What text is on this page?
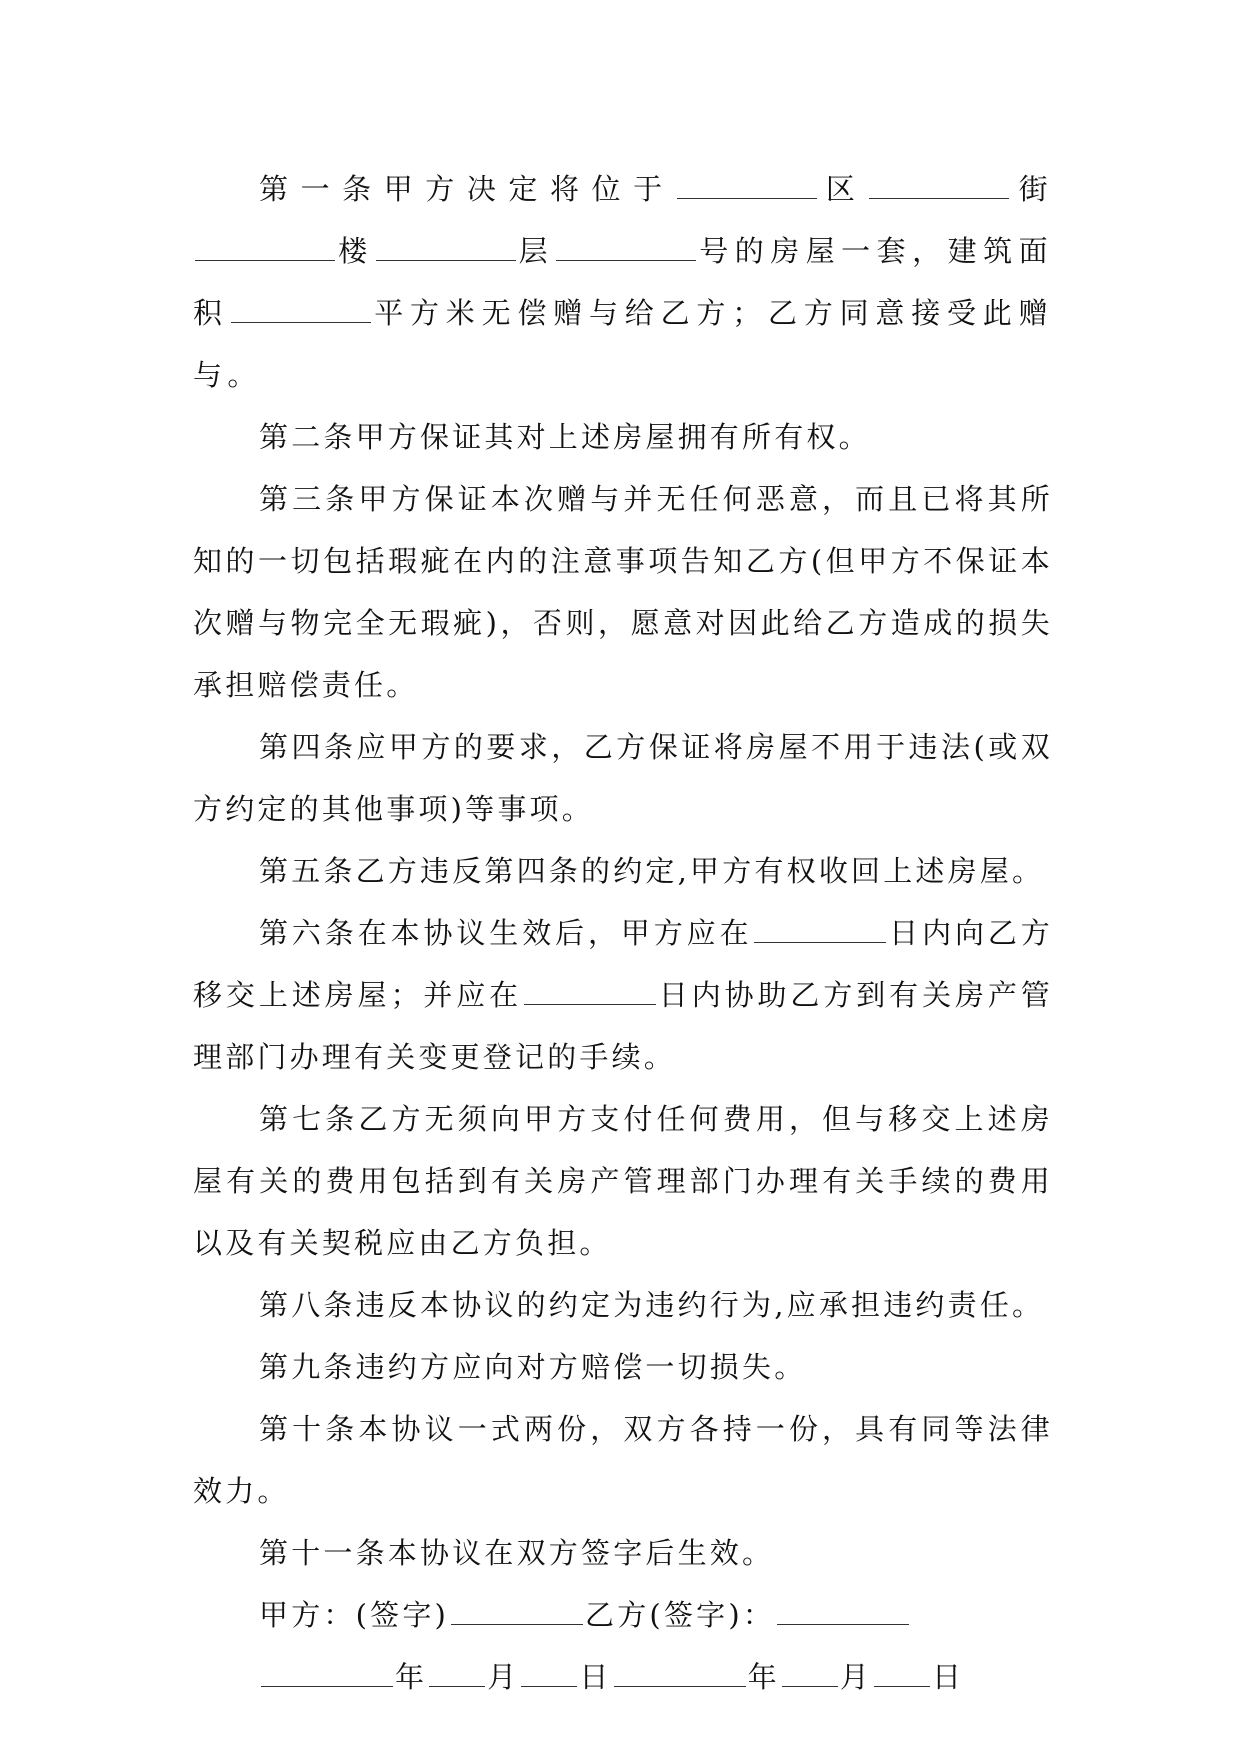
第一条甲方决定将位于	区	街楼	层	号的房屋一套，建筑面积	平方米无偿赠与给乙方；乙方同意接受此赠与。

第二条甲方保证其对上述房屋拥有所有权。

第三条甲方保证本次赠与并无任何恶意，而且已将其所知的一切包括瑕疵在内的注意事项告知乙方(但甲方不保证本次赠与物完全无瑕疵)，否则，愿意对因此给乙方造成的损失承担赔偿责任。

第四条应甲方的要求，乙方保证将房屋不用于违法(或双方约定的其他事项)等事项。

第五条乙方违反第四条的约定,甲方有权收回上述房屋。

第六条在本协议生效后，甲方应在	日内向乙方移交上述房屋；并应在	日内协助乙方到有关房产管理部门办理有关变更登记的手续。

第七条乙方无须向甲方支付任何费用，但与移交上述房屋有关的费用包括到有关房产管理部门办理有关手续的费用以及有关契税应由乙方负担。

第八条违反本协议的约定为违约行为,应承担违约责任。

第九条违约方应向对方赔偿一切损失。

第十条本协议一式两份，双方各持一份，具有同等法律效力。

第十一条本协议在双方签字后生效。

甲方：(签字)	乙方(签字)：

年 月 日	年 月 日
